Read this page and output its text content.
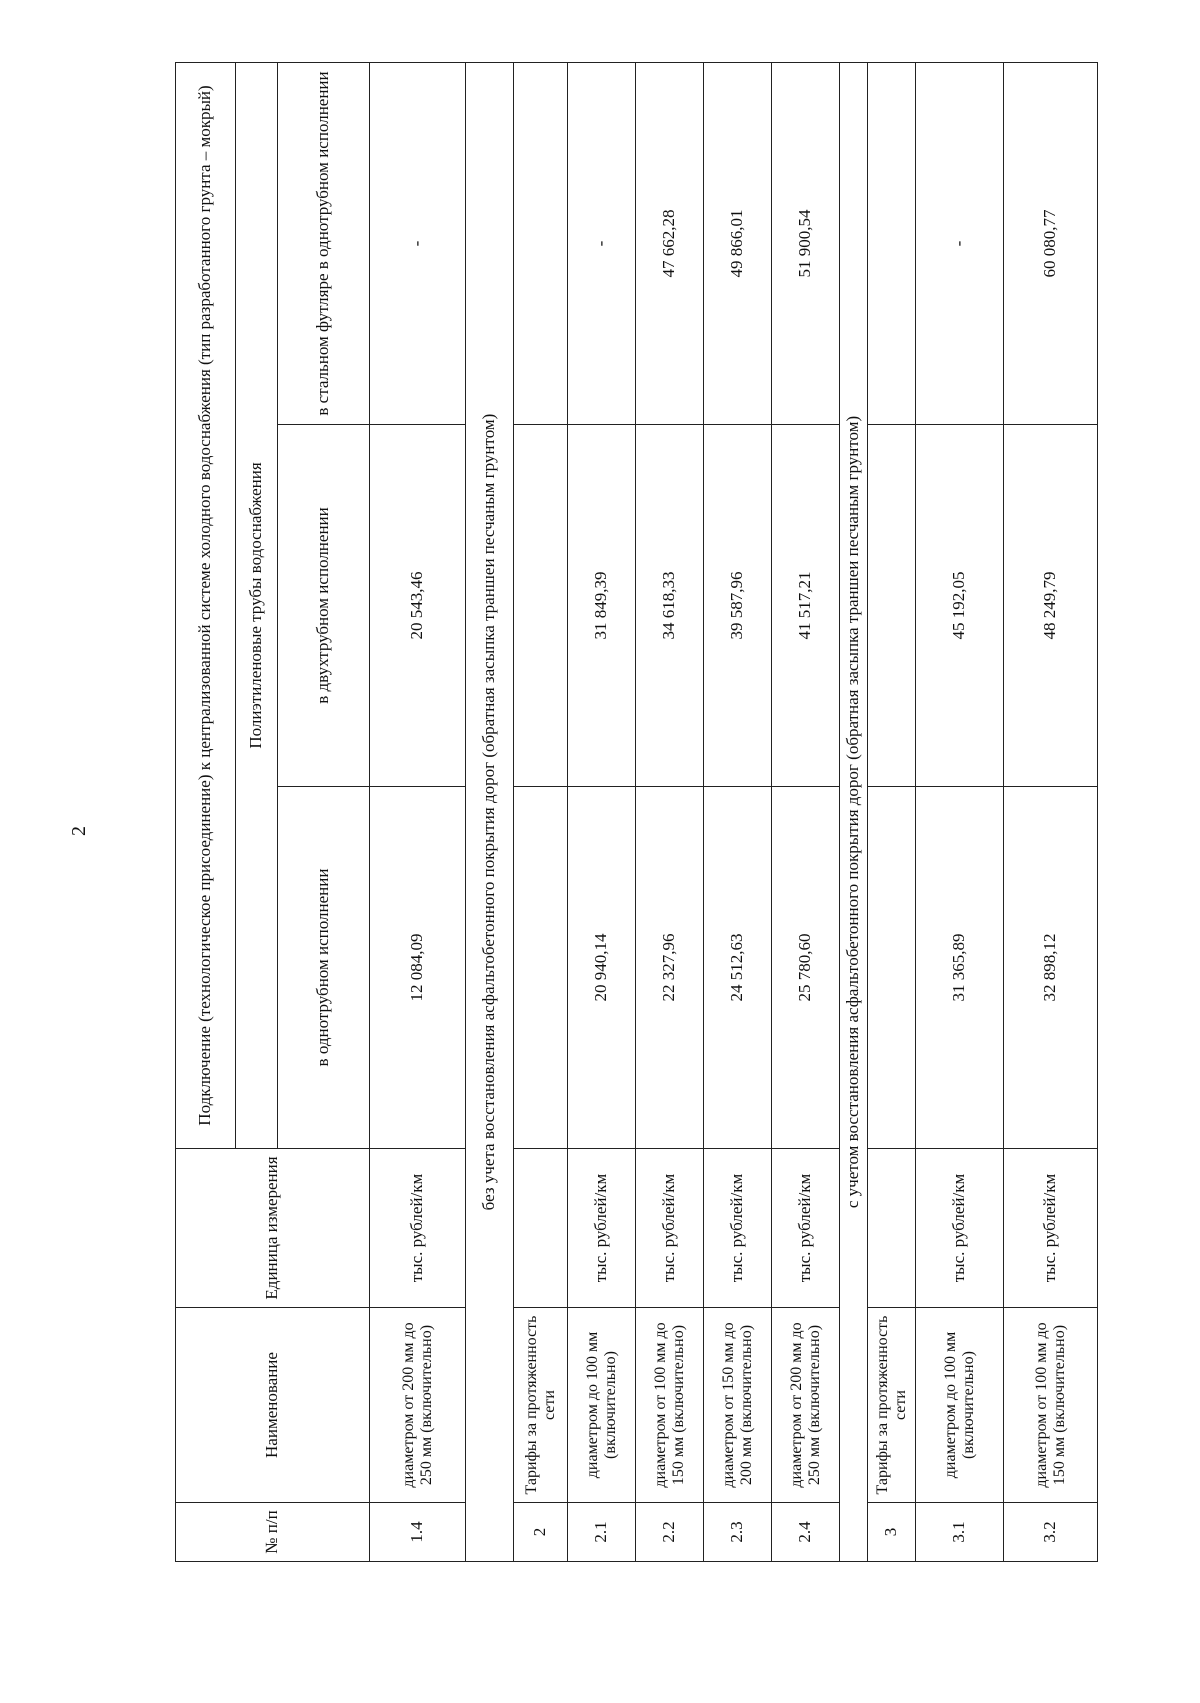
2
№ п/п	Наименование	Единица измерения	Подключение (технологическое присоединение) к централизованной системе холодного водоснабжения (тип разработанного грунта – мокрый)		
			Полиэтиленовые трубы водоснабжения		
			в однотрубном исполнении	в двухтрубном исполнении	в стальном футляре в однотрубном исполнении
1.4	диаметром от 200 мм до 250 мм (включительно)	тыс. рублей/км	12 084,09	20 543,46	-
без учета восстановления асфальтобетонного покрытия дорог (обратная засыпка траншеи песчаным грунтом)					
2	Тарифы за протяженность сети				
2.1	диаметром до 100 мм (включительно)	тыс. рублей/км	20 940,14	31 849,39	-
2.2	диаметром от 100 мм до 150 мм (включительно)	тыс. рублей/км	22 327,96	34 618,33	47 662,28
2.3	диаметром от 150 мм до 200 мм (включительно)	тыс. рублей/км	24 512,63	39 587,96	49 866,01
2.4	диаметром от 200 мм до 250 мм (включительно)	тыс. рублей/км	25 780,60	41 517,21	51 900,54
с учетом восстановления асфальтобетонного покрытия дорог (обратная засыпка траншеи песчаным грунтом)					
3	Тарифы за протяженность сети				
3.1	диаметром до 100 мм (включительно)	тыс. рублей/км	31 365,89	45 192,05	-
3.2	диаметром от 100 мм до 150 мм (включительно)	тыс. рублей/км	32 898,12	48 249,79	60 080,77
